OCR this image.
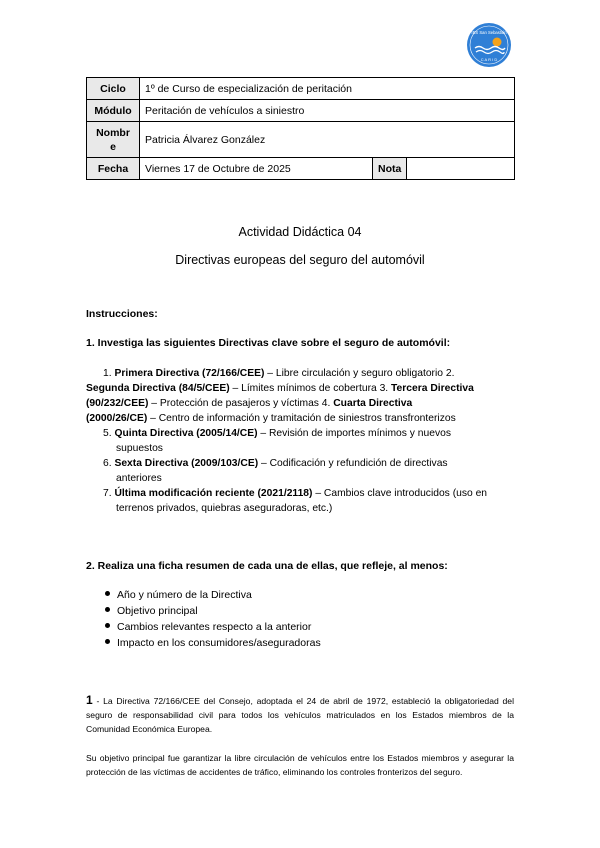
IES San Sebastián
C A R I D
Ciclo	1º de Curso de especialización de peritación		
Módulo	Peritación de vehículos a siniestro		
Nombr
e	Patricia Álvarez González		
Fecha	Viernes 17 de Octubre de 2025	Nota	
Actividad Didáctica 04
Directivas europeas del seguro del automóvil
Instrucciones:
1. Investiga las siguientes Directivas clave sobre el seguro de automóvil:
1. Primera Directiva (72/166/CEE) – Libre circulación y seguro obligatorio 2.
Segunda Directiva (84/5/CEE) – Límites mínimos de cobertura 3. Tercera Directiva
(90/232/CEE) – Protección de pasajeros y víctimas 4. Cuarta Directiva
(2000/26/CE) – Centro de información y tramitación de siniestros transfronterizos
5. Quinta Directiva (2005/14/CE) – Revisión de importes mínimos y nuevos
supuestos
6. Sexta Directiva (2009/103/CE) – Codificación y refundición de directivas
anteriores
7. Última modificación reciente (2021/2118) – Cambios clave introducidos (uso en
terrenos privados, quiebras aseguradoras, etc.)
2. Realiza una ficha resumen de cada una de ellas, que refleje, al menos:
Año y número de la Directiva
Objetivo principal
Cambios relevantes respecto a la anterior
Impacto en los consumidores/aseguradoras
1 - La Directiva 72/166/CEE del Consejo, adoptada el 24 de abril de 1972, estableció la obligatoriedad del seguro de responsabilidad civil para todos los vehículos matriculados en los Estados miembros de la Comunidad Económica Europea.
Su objetivo principal fue garantizar la libre circulación de vehículos entre los Estados miembros y asegurar la protección de las víctimas de accidentes de tráfico, eliminando los controles fronterizos del seguro.
